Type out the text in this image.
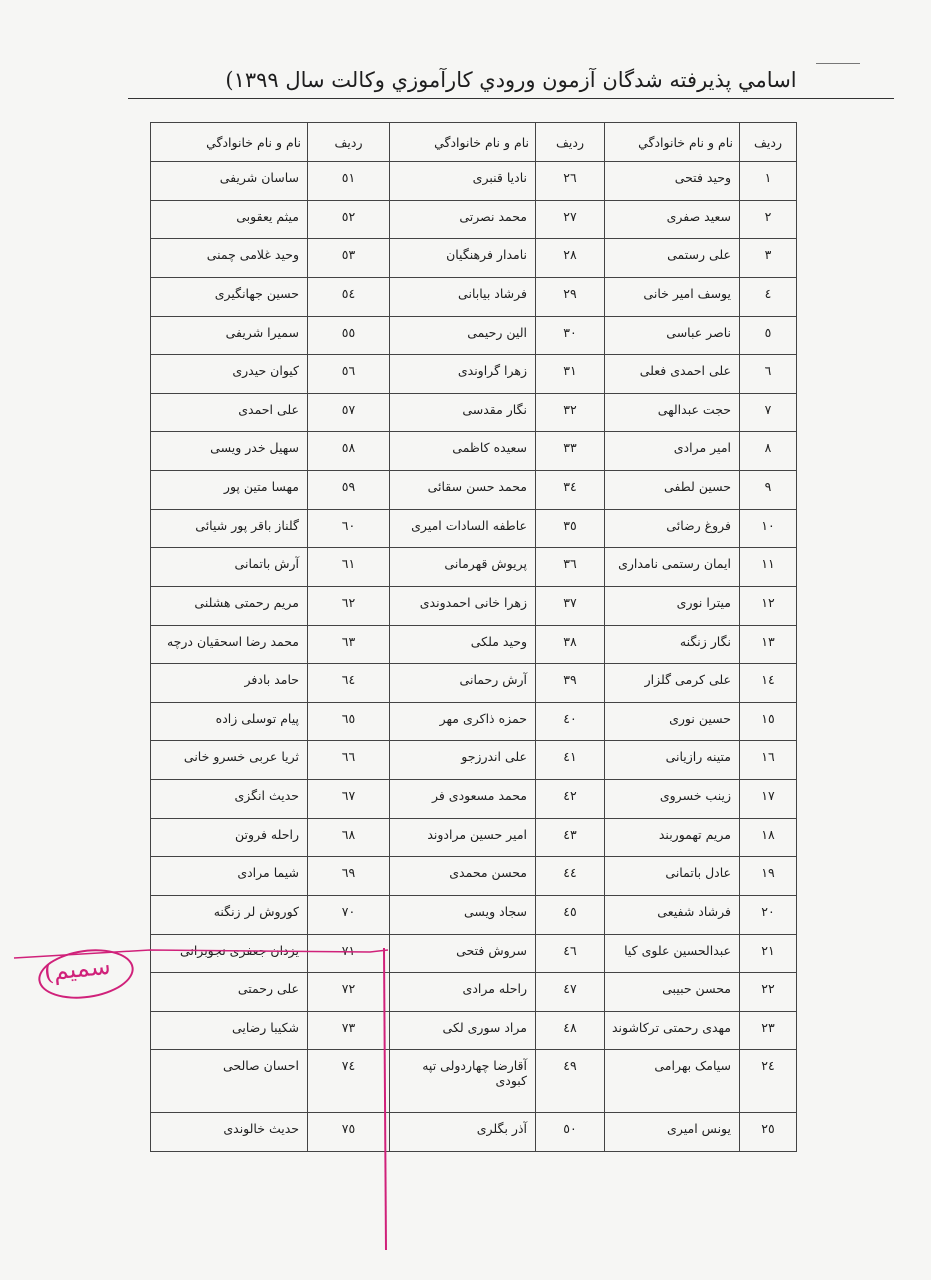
اسامي پذيرفته شدگان آزمون ورودي كارآموزي وكالت سال ١٣٩٩)
رديف	نام و نام خانوادگي	رديف	نام و نام خانوادگي	رديف	نام و نام خانوادگي
١	وحید فتحی	٢٦	نادیا قنبری	٥١	ساسان شریفی
٢	سعید صفری	٢٧	محمد نصرتی	٥٢	میثم یعقوبی
٣	علی رستمی	٢٨	نامدار فرهنگیان	٥٣	وحید غلامی چمنی
٤	یوسف امیر خانی	٢٩	فرشاد بیابانی	٥٤	حسین جهانگیری
٥	ناصر عباسی	٣٠	الین رحیمی	٥٥	سمیرا شریفی
٦	علی احمدی فعلی	٣١	زهرا گراوندی	٥٦	کیوان حیدری
٧	حجت عبدالهی	٣٢	نگار مقدسی	٥٧	علی احمدی
٨	امیر مرادی	٣٣	سعیده کاظمی	٥٨	سهیل خدر ویسی
٩	حسین لطفی	٣٤	محمد حسن سقائی	٥٩	مهسا متین پور
١٠	فروغ رضائی	٣٥	عاطفه السادات امیری	٦٠	گلناز باقر پور شیائی
١١	ایمان رستمی نامداری	٣٦	پریوش قهرمانی	٦١	آرش باتمانی
١٢	میترا نوری	٣٧	زهرا خانی احمدوندی	٦٢	مریم رحمتی هشلنی
١٣	نگار زنگنه	٣٨	وحید ملکی	٦٣	محمد رضا اسحقیان درچه
١٤	علی کرمی گلزار	٣٩	آرش رحمانی	٦٤	حامد بادفر
١٥	حسین نوری	٤٠	حمزه ذاکری مهر	٦٥	پیام توسلی زاده
١٦	متینه رازیانی	٤١	علی اندرزجو	٦٦	ثریا عربی خسرو خانی
١٧	زینب خسروی	٤٢	محمد مسعودی فر	٦٧	حدیث انگزی
١٨	مریم تهموربند	٤٣	امیر حسین مرادوند	٦٨	راحله فروتن
١٩	عادل باتمانی	٤٤	محسن محمدی	٦٩	شیما مرادی
٢٠	فرشاد شفیعی	٤٥	سجاد ویسی	٧٠	کوروش لر زنگنه
٢١	عبدالحسین علوی کیا	٤٦	سروش فتحی	٧١	یزدان جعفری نجوبرانی
٢٢	محسن حبیبی	٤٧	راحله مرادی	٧٢	علی رحمتی
٢٣	مهدی رحمتی ترکاشوند	٤٨	مراد سوری لکی	٧٣	شکیبا رضایی
٢٤	سیامک بهرامی	٤٩	آقارضا چهاردولی تپه کبودی	٧٤	احسان صالحی
٢٥	یونس امیری	٥٠	آذر بگلری	٧٥	حدیث خالوندی
(سمیم
